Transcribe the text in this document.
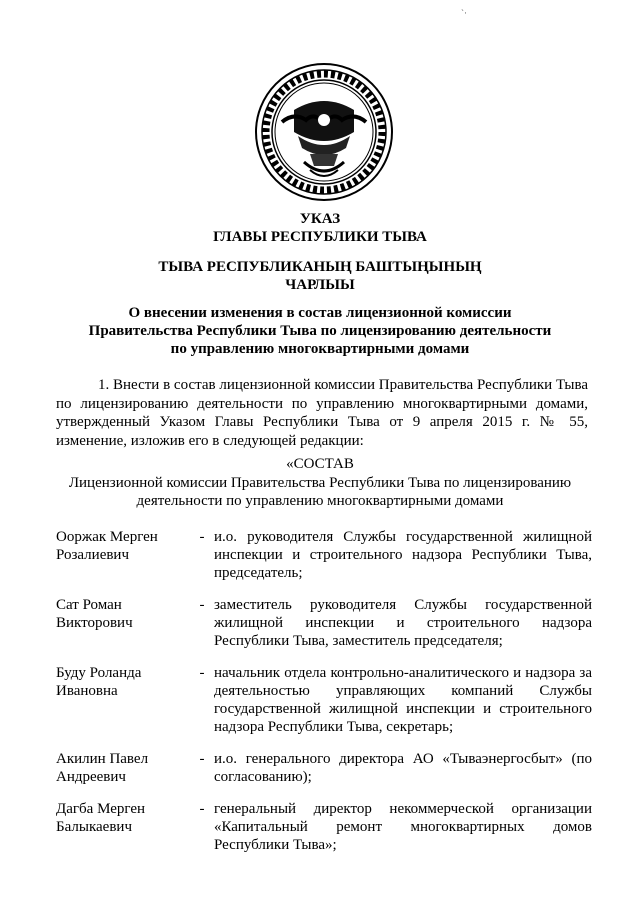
`·
УКАЗ
ГЛАВЫ РЕСПУБЛИКИ ТЫВА
ТЫВА РЕСПУБЛИКАНЫҢ БАШТЫҢЫНЫҢ
ЧАРЛЫЫ
О внесении изменения в состав лицензионной комиссии Правительства Республики Тыва по лицензированию деятельности по управлению многоквартирными домами
1. Внести в состав лицензионной комиссии Правительства Республики Тыва по лицензированию деятельности по управлению многоквартирными домами, утвержденный Указом Главы Республики Тыва от 9 апреля 2015 г. № 55, изменение, изложив его в следующей редакции:
«СОСТАВ
Лицензионной комиссии Правительства Республики Тыва по лицензированию деятельности по управлению многоквартирными домами
Ооржак Мерген Розалиевич
- и.о. руководителя Службы государственной жилищной инспекции и строительного надзора Республики Тыва, председатель;
Сат Роман Викторович
- заместитель руководителя Службы государственной жилищной инспекции и строительного надзора Республики Тыва, заместитель председателя;
Буду Роланда Ивановна
- начальник отдела контрольно-аналитического и надзора за деятельностью управляющих компаний Службы государственной жилищной инспекции и строительного надзора Республики Тыва, секретарь;
Акилин Павел Андреевич
- и.о. генерального директора АО «Тываэнергосбыт» (по согласованию);
Дагба Мерген Балыкаевич
- генеральный директор некоммерческой организации «Капитальный ремонт многоквартирных домов Республики Тыва»;
